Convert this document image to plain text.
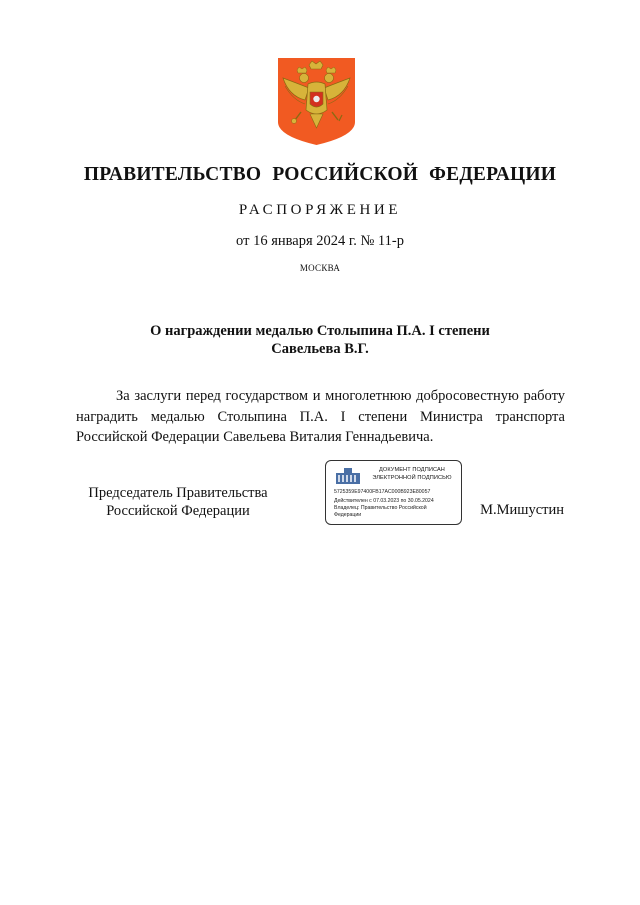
ПРАВИТЕЛЬСТВО РОССИЙСКОЙ ФЕДЕРАЦИИ
РАСПОРЯЖЕНИЕ
от 16 января 2024 г. № 11-р
МОСКВА
О награждении медалью Столыпина П.А. I степени
Савельева В.Г.
За заслуги перед государством и многолетнюю добросовестную работу наградить медалью Столыпина П.А. I степени Министра транспорта Российской Федерации Савельева Виталия Геннадьевича.
Председатель Правительства
Российской Федерации
ДОКУМЕНТ ПОДПИСАН
ЭЛЕКТРОННОЙ ПОДПИСЬЮ
5725359E97400FB17AC000B923E80057
Действителен с 07.03.2023 по 30.05.2024
Владелец: Правительство Российской
Федерации	М.Мишустин
